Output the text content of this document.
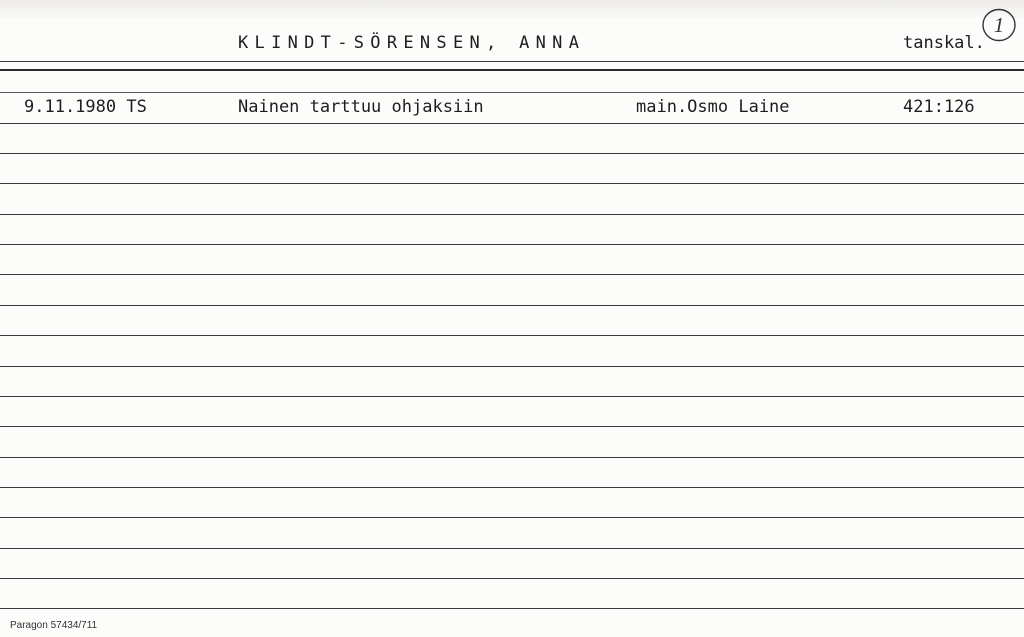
KLINDT-SÖRENSEN, ANNA	tanskal.
1
9.11.1980 TS	Nainen tarttuu ohjaksiin	main.Osmo Laine	421:126
Paragon 57434/711
